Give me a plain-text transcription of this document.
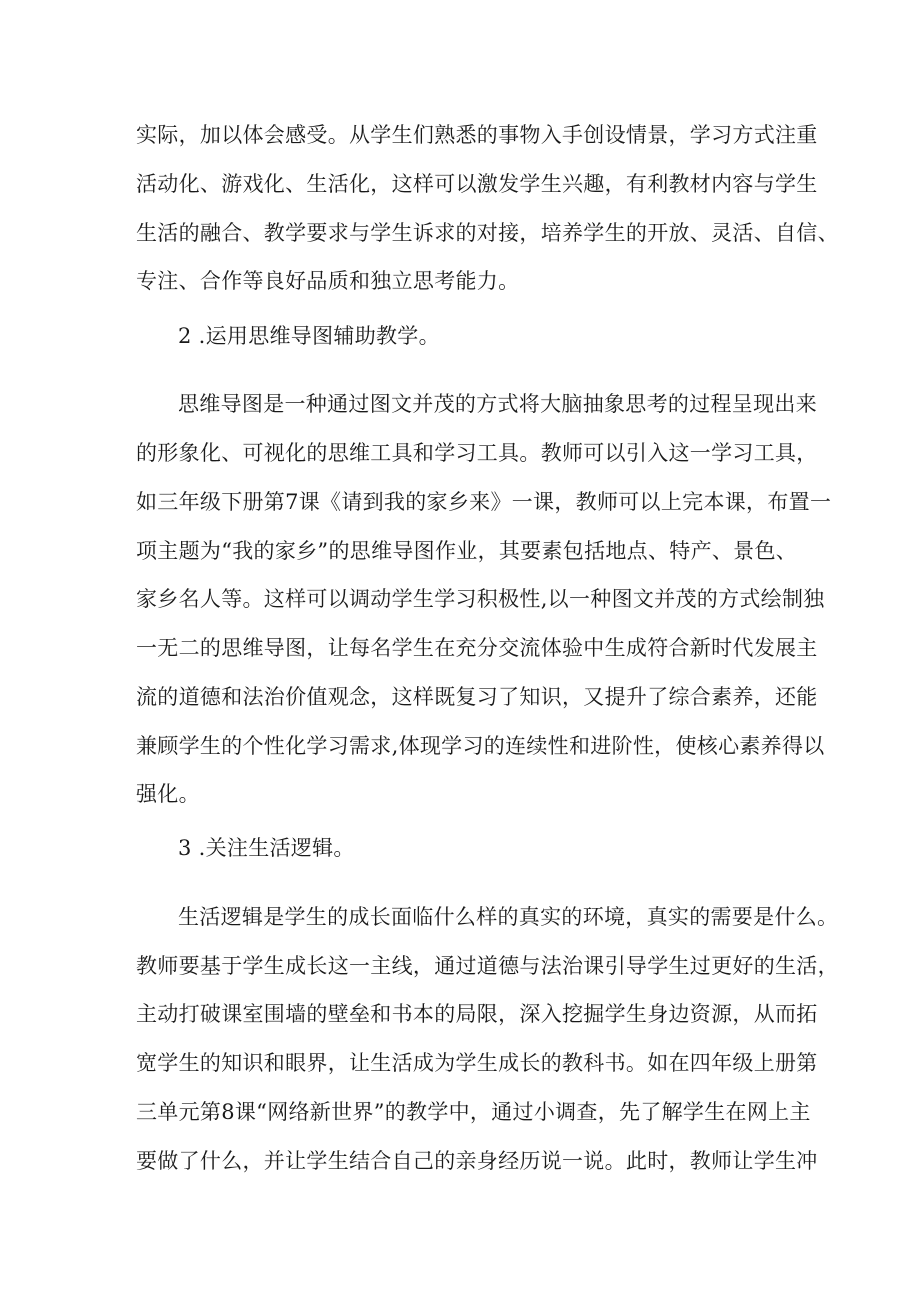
实际，加以体会感受。从学生们熟悉的事物入手创设情景，学习方式注重
活动化、游戏化、生活化，这样可以激发学生兴趣，有利教材内容与学生
生活的融合、教学要求与学生诉求的对接，培养学生的开放、灵活、自信、
专注、合作等良好品质和独立思考能力。
2 .运用思维导图辅助教学。
思维导图是一种通过图文并茂的方式将大脑抽象思考的过程呈现出来
的形象化、可视化的思维工具和学习工具。教师可以引入这一学习工具，
如三年级下册第7课《请到我的家乡来》一课，教师可以上完本课，布置一
项主题为“我的家乡”的思维导图作业，其要素包括地点、特产、景色、
家乡名人等。这样可以调动学生学习积极性,以一种图文并茂的方式绘制独
一无二的思维导图，让每名学生在充分交流体验中生成符合新时代发展主
流的道德和法治价值观念，这样既复习了知识，又提升了综合素养，还能
兼顾学生的个性化学习需求,体现学习的连续性和进阶性，使核心素养得以
强化。
3 .关注生活逻辑。
生活逻辑是学生的成长面临什么样的真实的环境，真实的需要是什么。
教师要基于学生成长这一主线，通过道德与法治课引导学生过更好的生活，
主动打破课室围墙的壁垒和书本的局限，深入挖掘学生身边资源，从而拓
宽学生的知识和眼界，让生活成为学生成长的教科书。如在四年级上册第
三单元第8课“网络新世界”的教学中，通过小调查，先了解学生在网上主
要做了什么，并让学生结合自己的亲身经历说一说。此时，教师让学生冲
